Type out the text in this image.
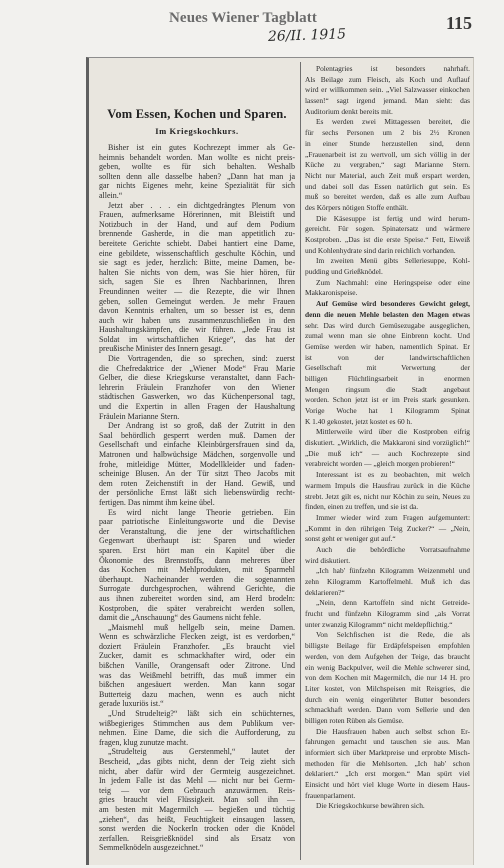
Neues Wiener Tagblatt	115
26/II. 1915
Vom Essen, Kochen und Sparen.
Im Kriegskochkurs.
Bisher ist ein gutes Kochrezept immer als Ge-
heimnis behandelt worden. Man wollte es nicht preis-
geben, wollte es für sich behalten. Weshalb
sollten denn alle dasselbe haben? „Dann hat man ja
gar nichts Eigenes mehr, keine Spezialität für sich
allein.“
Jetzt aber . . . ein dichtgedrängtes Plenum von
Frauen, aufmerksame Hörerinnen, mit Bleistift und
Notizbuch in der Hand, und auf dem Podium
brennende Gasherde, in die man appetitlich zu-
bereitete Gerichte schiebt. Dabei hantiert eine Dame,
eine gebildete, wissenschaftlich geschulte Köchin, und
sie sagt es jeder, herzlich: Bitte, meine Damen, be-
halten Sie nichts von dem, was Sie hier hören, für
sich, sagen Sie es Ihren Nachbarinnen, Ihren
Freundinnen weiter — die Rezepte, die wir Ihnen
geben, sollen Gemeingut werden. Je mehr Frauen
davon Kenntnis erhalten, um so besser ist es, denn
auch wir haben uns zusammenzuschließen in den
Haushaltungskämpfen, die wir führen. „Jede Frau ist
Soldat im wirtschaftlichen Kriege“, das hat der
preußische Minister des Innern gesagt.
Die Vortragenden, die so sprechen, sind: zuerst
die Chefredaktrice der „Wiener Mode“ Frau Marie
Gelber, die diese Kriegskurse veranstaltet, dann Fach-
lehrerin Fräulein Franzhofer von den Wiener
städtischen Gaswerken, wo das Küchenpersonal tagt,
und die Expertin in allen Fragen der Haushaltung
Fräulein Marianne Stern.
Der Andrang ist so groß, daß der Zutritt in den
Saal behördlich gesperrt werden muß. Damen der
Gesellschaft und einfache Kleinbürgersfrauen sind da,
Matronen und halbwüchsige Mädchen, sorgenvolle und
frohe, mitleidige Mütter, Modellkleider und faden-
scheinige Blusen. An der Tür sitzt Theo Jacobs mit
dem roten Zeichenstift in der Hand. Gewiß, und
der persönliche Ernst läßt sich liebenswürdig recht-
fertigen. Das nimmt ihm keine übel.
Es wird nicht lange Theorie getrieben. Ein
paar patriotische Einleitungsworte und die Devise
der Veranstaltung, die jene der wirtschaftlichen
Gegenwart überhaupt ist: Sparen und wieder
sparen. Erst hört man ein Kapitel über die
Ökonomie des Brennstoffs, dann mehreres über
das Kochen mit Mehlprodukten, mit Sparmehl
überhaupt. Nacheinander werden die sogenannten
Surrogate durchgesprochen, während Gerichte, die
aus ihnen zubereitet worden sind, am Herd brodeln:
Kostproben, die später verabreicht werden sollen,
damit die „Anschauung“ des Gaumens nicht fehle.
„Maismehl muß hellgelb sein, meine Damen.
Wenn es schwärzliche Flecken zeigt, ist es verdorben,“
doziert Fräulein Franzhofer. „Es braucht viel
Zucker, damit es schmackhafter wird, oder ein
bißchen Vanille, Orangensaft oder Zitrone. Und
was das Weißmehl betrifft, das muß immer ein
bißchen angesäuert werden. Man kann sogar
Butterteig dazu machen, wenn es auch nicht
gerade luxuriös ist.“
„Und Strudelteig?“ läßt sich ein schüchternes,
wißbegieriges Stimmchen aus dem Publikum ver-
nehmen. Eine Dame, die sich die Aufforderung, zu
fragen, klug zunutze macht.
„Strudelteig aus Gerstenmehl,“ lautet der
Bescheid, „das gibts nicht, denn der Teig zieht sich
nicht, aber dafür wird der Germteig ausgezeichnet.
In jedem Falle ist das Mehl — nicht nur bei Germ-
teig — vor dem Gebrauch anzuwärmen. Reis-
gries braucht viel Flüssigkeit. Man soll ihn —
am besten mit Magermilch — begießen und tüchtig
„ziehen“, das heißt, Feuchtigkeit einsaugen lassen,
sonst werden die Nockerln trocken oder die Knödel
zerfallen. Reisgrießknödel sind als Ersatz von
Semmelknödeln ausgezeichnet.“
Polentagries ist besonders nahrhaft.
Als Beilage zum Fleisch, als Koch und Auflauf
wird er willkommen sein. „Viel Salzwasser einkochen
lassen!“ sagt irgend jemand. Man sieht: das
Auditorium denkt bereits mit.
Es werden zwei Mittagessen bereitet, die
für sechs Personen um 2 bis 2½ Kronen
in einer Stunde herzustellen sind, denn
„Frauenarbeit ist zu wertvoll, um sich völlig in der
Küche zu vergraben,“ sagt Marianne Stern.
Nicht nur Material, auch Zeit muß erspart werden,
und dabei soll das Essen natürlich gut sein. Es
muß so bereitet werden, daß es alle zum Aufbau
des Körpers nötigen Stoffe enthält.
Die Käsesuppe ist fertig und wird herum-
gereicht. Für sogen. Spinatersatz und wärmere
Kostproben. „Das ist die erste Speise.“ Fett, Eiweiß
und Kohlenhydrate sind darin reichlich vorhanden.
Im zweiten Menü gibts Selleriesuppe, Kohl-
pudding und Grießknödel.
Zum Nachmahl: eine Heringspeise oder eine
Makkaronispeise.
Auf Gemüse wird besonderes Gewicht gelegt,
denn die neuen Mehle belasten den Magen etwas
sehr. Das wird durch Gemüsezugabe ausgeglichen,
zumal wenn man sie ohne Einbrenn kocht. Und
Gemüse werden wir haben, namentlich Spinat. Er
ist von der landwirtschaftlichen
Gesellschaft mit Verwertung der
billigen Flüchtlingsarbeit in enormen
Mengen ringsum die Stadt angebaut
worden. Schon jetzt ist er im Preis stark gesunken.
Vorige Woche hat 1 Kilogramm Spinat
K 1.40 gekostet, jetzt kostet es 60 h.
Mittlerweile wird über die Kostproben eifrig
diskutiert. „Wirklich, die Makkaroni sind vorzüglich!“
„Die muß ich“ — auch Kochrezepte sind
verabreicht worden — „gleich morgen probieren!“
Interessant ist es zu beobachten, mit welch
warmem Impuls die Hausfrau zurück in die Küche
strebt. Jetzt gilt es, nicht nur Köchin zu sein, Neues zu
finden, einen zu treffen, und sie ist da.
Immer wieder wird zum Fragen aufgemuntert:
„Kommt in den rührigen Teig Zucker?“ — „Nein,
sonst geht er weniger gut auf.“
Auch die behördliche Vorratsaufnahme
wird diskutiert.
„Ich hab' fünfzehn Kilogramm Weizenmehl und
zehn Kilogramm Kartoffelmehl. Muß ich das
deklarieren?“
„Nein, denn Kartoffeln sind nicht Getreide-
frucht und fünfzehn Kilogramm sind „als Vorrat
unter zwanzig Kilogramm“ nicht meldepflichtig.“
Von Selchfischen ist die Rede, die als
billigste Beilage für Erdäpfelspeisen empfohlen
werden, von dem Aufgehen der Teige, das braucht
ein wenig Backpulver, weil die Mehle schwerer sind,
von dem Kochen mit Magermilch, die nur 14 H. pro
Liter kostet, von Milchspeisen mit Reisgries, die
durch ein wenig eingerührter Butter besonders
schmackhaft werden. Dann vom Sellerie und den
billigen roten Rüben als Gemüse.
Die Hausfrauen haben auch selbst schon Er-
fahrungen gemacht und tauschen sie aus. Man
informiert sich über Marktpreise und erprobte Misch-
methoden für die Mehlsorten. „Ich hab' schon
deklariert.“ „Ich erst morgen.“ Man spürt viel
Einsicht und hört viel kluge Worte in diesem Haus-
frauenparlament.
Die Kriegskochkurse bewähren sich.
